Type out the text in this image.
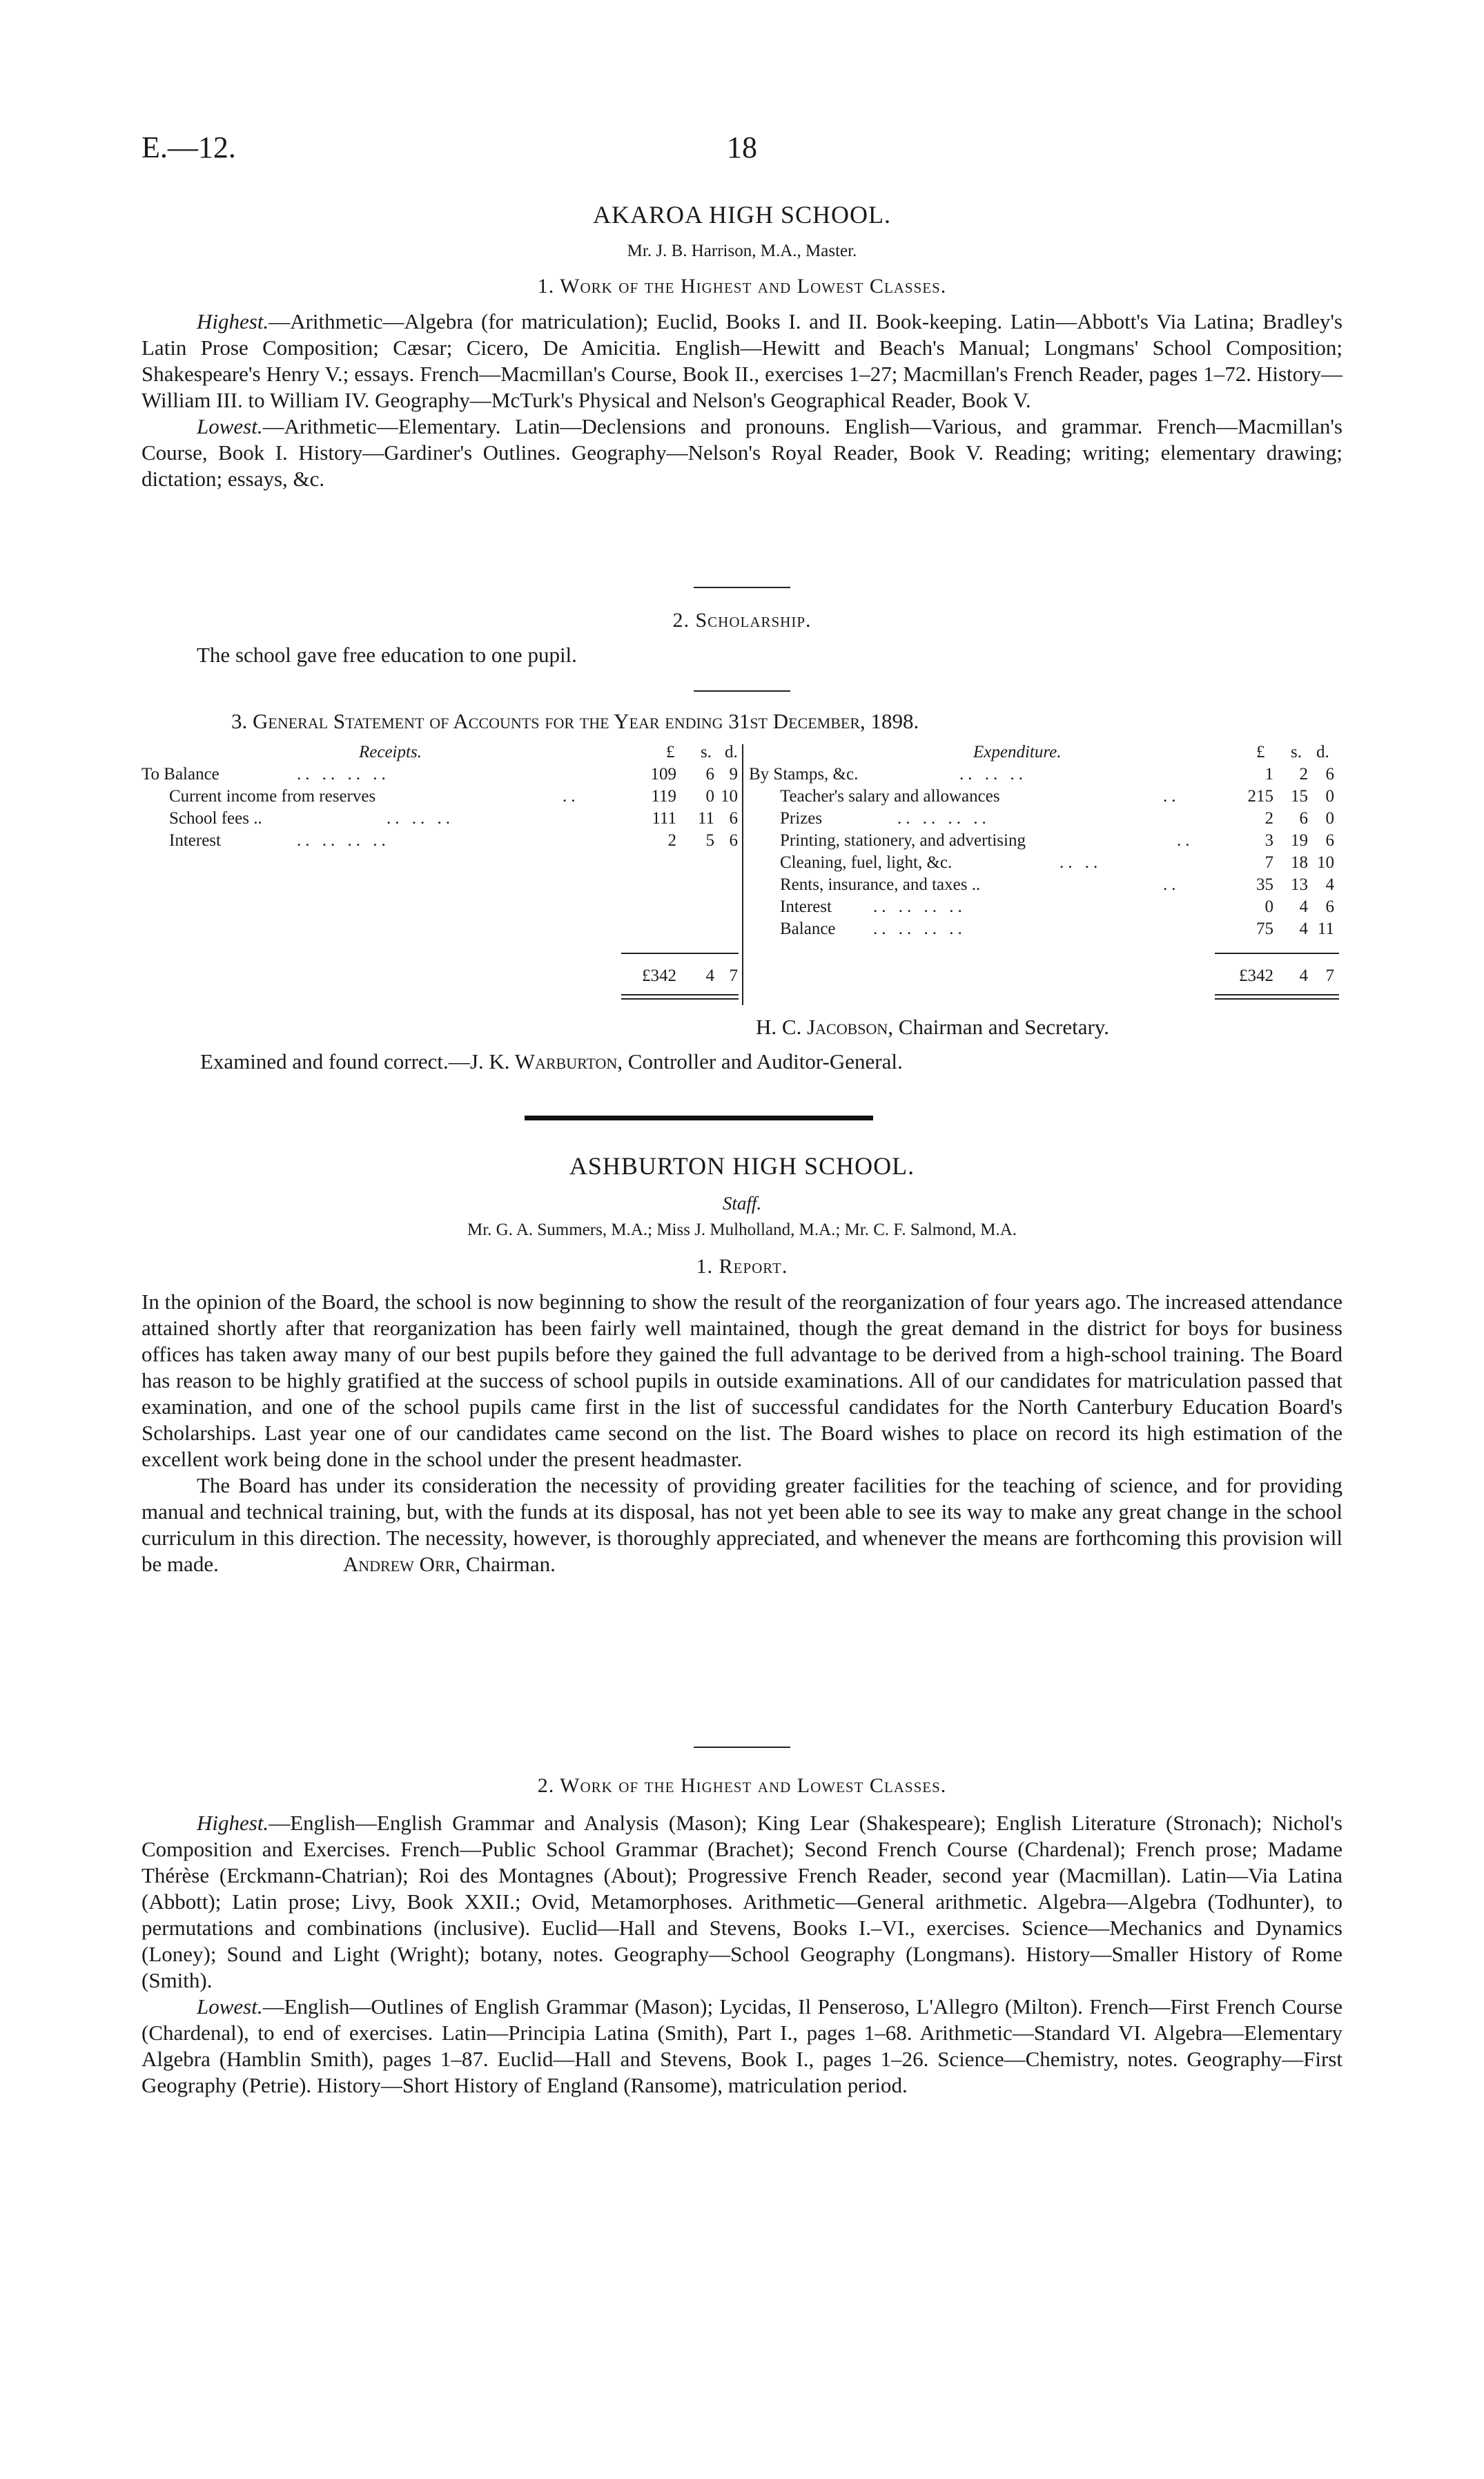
E.—12.	18
AKAROA HIGH SCHOOL.
Mr. J. B. Harrison, M.A., Master.
1. Work of the Highest and Lowest Classes.

Highest.—Arithmetic—Algebra (for matriculation); Euclid, Books I. and II. Book-keeping. Latin—Abbott's Via Latina; Bradley's Latin Prose Composition; Cæsar; Cicero, De Amicitia. English—Hewitt and Beach's Manual; Longmans' School Composition; Shakespeare's Henry V.; essays. French—Macmillan's Course, Book II., exercises 1–27; Macmillan's French Reader, pages 1–72. History—William III. to William IV. Geography—McTurk's Physical and Nelson's Geographical Reader, Book V.

Lowest.—Arithmetic—Elementary. Latin—Declensions and pronouns. English—Various, and grammar. French—Macmillan's Course, Book I. History—Gardiner's Outlines. Geography—Nelson's Royal Reader, Book V. Reading; writing; elementary drawing; dictation; essays, &c.

2. Scholarship.
The school gave free education to one pupil.
3. General Statement of Accounts for the Year ending 31st December, 1898.
Receipts.	£ s. d.	Expenditure.	£ s. d.
To Balance	.. .. .. ..	109	6 9
Current income from reserves	..	119	0 10
School fees ..	.. .. ..	111	11 6
Interest	.. .. .. ..	2	5 6
By Stamps, &c.	.. .. ..	1	2	6
Teacher's salary and allowances	..	215	15	0
Prizes	.. .. .. ..	2	6	0
Printing, stationery, and advertising	..	3	19	6
Cleaning, fuel, light, &c.	.. ..	7	18 10
Rents, insurance, and taxes ..	..	35	13	4
Interest .. .. .. ..	0	4	6
Balance .. .. .. ..	75	4 11
£342	4 7	£342	4	7
H. C. Jacobson, Chairman and Secretary.
Examined and found correct.—J. K. Warburton, Controller and Auditor-General.
ASHBURTON HIGH SCHOOL.
Staff.
Mr. G. A. Summers, M.A.; Miss J. Mulholland, M.A.; Mr. C. F. Salmond, M.A.
1. Report.

In the opinion of the Board, the school is now beginning to show the result of the reorganization of four years ago. The increased attendance attained shortly after that reorganization has been fairly well maintained, though the great demand in the district for boys for business offices has taken away many of our best pupils before they gained the full advantage to be derived from a high-school training. The Board has reason to be highly gratified at the success of school pupils in outside examinations. All of our candidates for matriculation passed that examination, and one of the school pupils came first in the list of successful candidates for the North Canterbury Education Board's Scholarships. Last year one of our candidates came second on the list. The Board wishes to place on record its high estimation of the excellent work being done in the school under the present headmaster.

The Board has under its consideration the necessity of providing greater facilities for the teaching of science, and for providing manual and technical training, but, with the funds at its disposal, has not yet been able to see its way to make any great change in the school curriculum in this direction. The necessity, however, is thoroughly appreciated, and whenever the means are forthcoming this provision will be made.	Andrew Orr, Chairman.

2. Work of the Highest and Lowest Classes.

Highest.—English—English Grammar and Analysis (Mason); King Lear (Shakespeare); English Literature (Stronach); Nichol's Composition and Exercises. French—Public School Grammar (Brachet); Second French Course (Chardenal); French prose; Madame Thérèse (Erckmann-Chatrian); Roi des Montagnes (About); Progressive French Reader, second year (Macmillan). Latin—Via Latina (Abbott); Latin prose; Livy, Book XXII.; Ovid, Metamorphoses. Arithmetic—General arithmetic. Algebra—Algebra (Todhunter), to permutations and combinations (inclusive). Euclid—Hall and Stevens, Books I.–VI., exercises. Science—Mechanics and Dynamics (Loney); Sound and Light (Wright); botany, notes. Geography—School Geography (Longmans). History—Smaller History of Rome (Smith).

Lowest.—English—Outlines of English Grammar (Mason); Lycidas, Il Penseroso, L'Allegro (Milton). French—First French Course (Chardenal), to end of exercises. Latin—Principia Latina (Smith), Part I., pages 1–68. Arithmetic—Standard VI. Algebra—Elementary Algebra (Hamblin Smith), pages 1–87. Euclid—Hall and Stevens, Book I., pages 1–26. Science—Chemistry, notes. Geography—First Geography (Petrie). History—Short History of England (Ransome), matriculation period.
